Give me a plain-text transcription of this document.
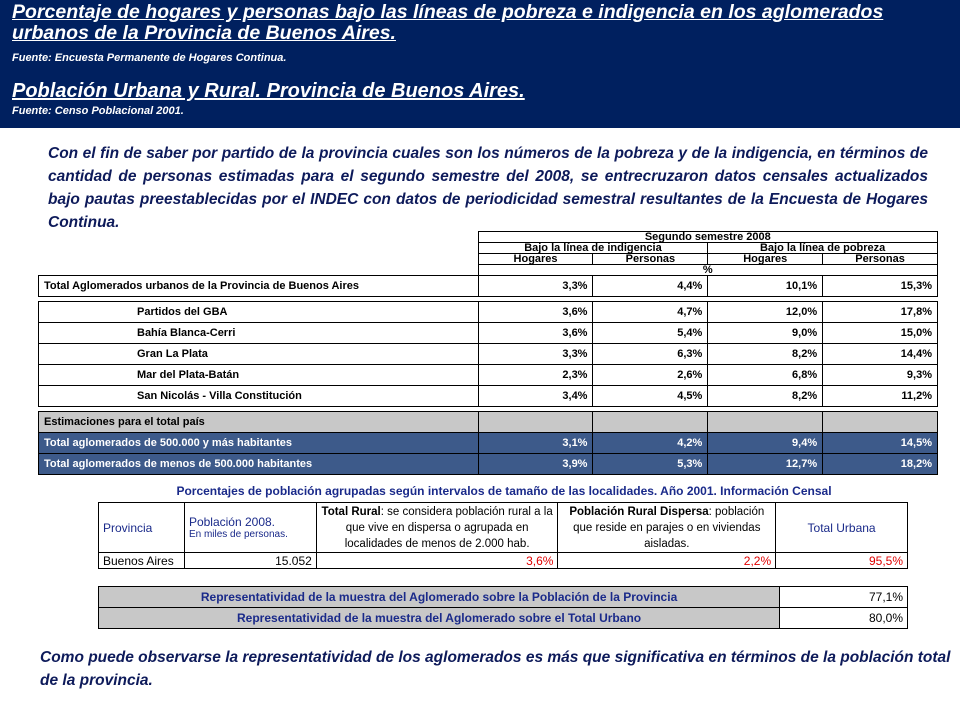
Porcentaje de hogares y personas bajo las líneas de pobreza e indigencia en los aglomerados urbanos de la Provincia de Buenos Aires.
Fuente: Encuesta Permanente de Hogares Continua.
Población Urbana y Rural. Provincia de Buenos Aires.
Fuente: Censo Poblacional 2001.
Con el fin de saber por partido de la provincia cuales son los números de la pobreza y de la indigencia, en términos de cantidad de personas estimadas para el segundo semestre del 2008, se entrecruzaron datos censales actualizados bajo pautas preestablecidas por el INDEC con datos de periodicidad semestral resultantes de la Encuesta de Hogares Continua.
	Segundo semestre 2008			
	Bajo la línea de indigencia		Bajo la línea de pobreza	
	Hogares	Personas	Hogares	Personas
	%			
Total Aglomerados urbanos de la Provincia de Buenos Aires	3,3%	4,4%	10,1%	15,3%

Partidos del GBA	3,6%	4,7%	12,0%	17,8%
Bahía Blanca-Cerri	3,6%	5,4%	9,0%	15,0%
Gran La Plata	3,3%	6,3%	8,2%	14,4%
Mar del Plata-Batán	2,3%	2,6%	6,8%	9,3%
San Nicolás - Villa Constitución	3,4%	4,5%	8,2%	11,2%

Estimaciones para el total país				
Total aglomerados de 500.000 y más habitantes	3,1%	4,2%	9,4%	14,5%
Total aglomerados de menos de 500.000 habitantes	3,9%	5,3%	12,7%	18,2%
Porcentajes de población agrupadas según intervalos de tamaño de las localidades. Año 2001. Información Censal
Provincia	Población 2008.
En miles de personas.	Total Rural: se considera población rural a la que vive en dispersa o agrupada en localidades de menos de 2.000 hab.	Población Rural Dispersa: población que reside en parajes o en viviendas aisladas.	Total Urbana
Buenos Aires	15.052	3,6%	2,2%	95,5%
Representatividad de la muestra del Aglomerado sobre la Población de la Provincia	77,1%
Representatividad de la muestra del Aglomerado sobre el Total Urbano	80,0%
Como puede observarse la representatividad de los aglomerados es más que significativa en términos de la población total de la provincia.
